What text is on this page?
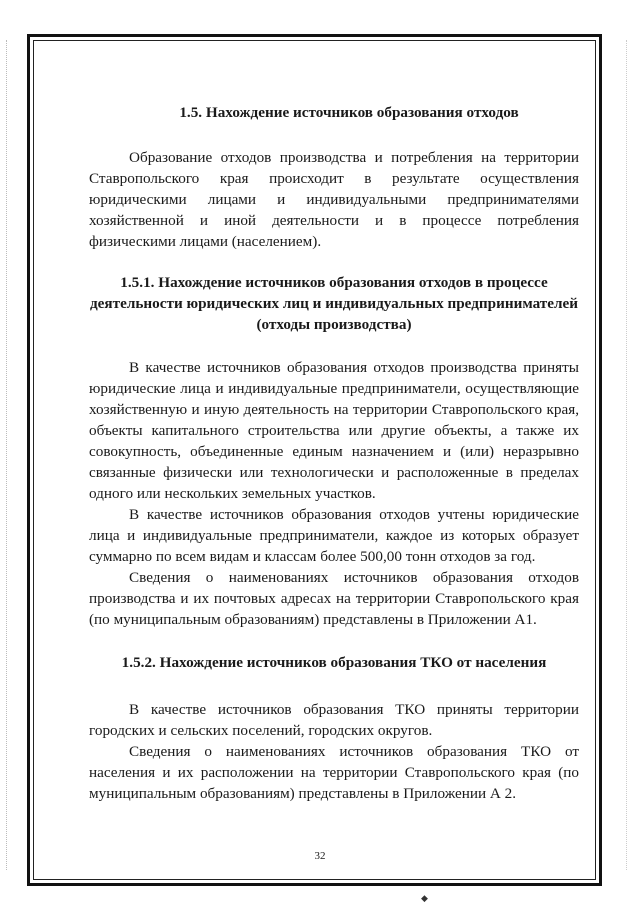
1.5. Нахождение источников образования отходов

Образование отходов производства и потребления на территории Ставропольского края происходит в результате осуществления юридическими лицами и индивидуальными предпринимателями хозяйственной и иной деятельности и в процессе потребления физическими лицами (населением).

1.5.1. Нахождение источников образования отходов в процессе деятельности юридических лиц и индивидуальных предпринимателей (отходы производства)

В качестве источников образования отходов производства приняты юридические лица и индивидуальные предприниматели, осуществляющие хозяйственную и иную деятельность на территории Ставропольского края, объекты капитального строительства или другие объекты, а также их совокупность, объединенные единым назначением и (или) неразрывно связанные физически или технологически и расположенные в пределах одного или нескольких земельных участков.

В качестве источников образования отходов учтены юридические лица и индивидуальные предприниматели, каждое из которых образует суммарно по всем видам и классам более 500,00 тонн отходов за год.

Сведения о наименованиях источников образования отходов производства и их почтовых адресах на территории Ставропольского края (по муниципальным образованиям) представлены в Приложении А1.

1.5.2. Нахождение источников образования ТКО от населения

В качестве источников образования ТКО приняты территории городских и сельских поселений, городских округов.

Сведения о наименованиях источников образования ТКО от населения и их расположении на территории Ставропольского края (по муниципальным образованиям) представлены в Приложении А 2.

32
◆
